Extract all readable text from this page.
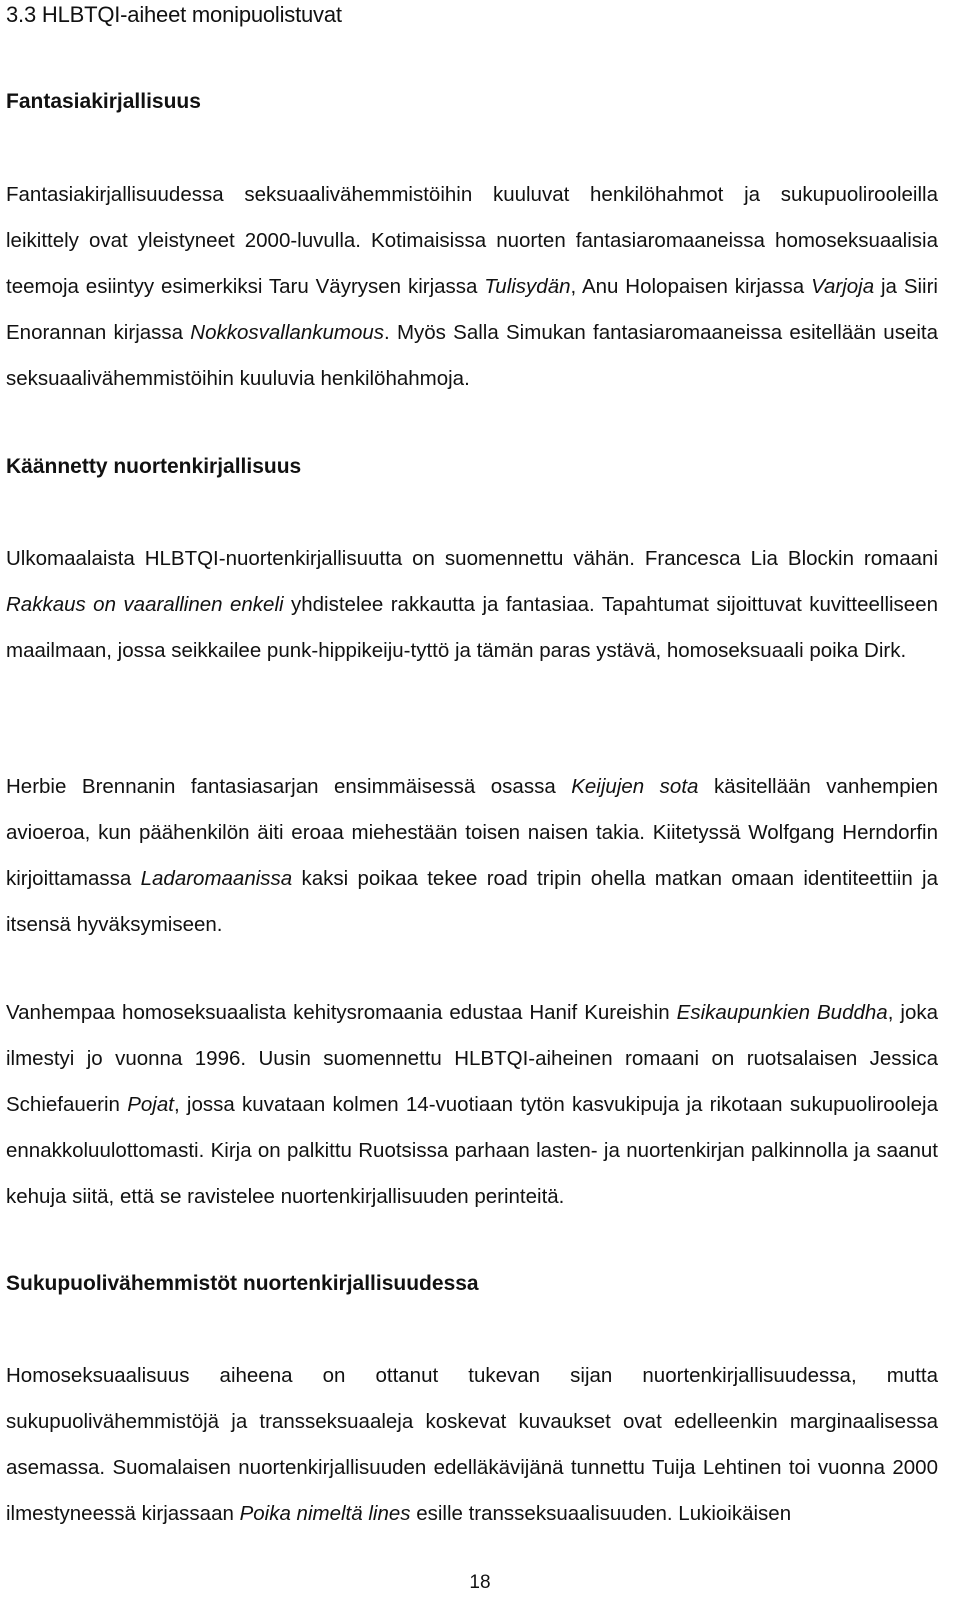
3.3 HLBTQI-aiheet monipuolistuvat
Fantasiakirjallisuus

Fantasiakirjallisuudessa seksuaalivähemmistöihin kuuluvat henkilöhahmot ja sukupuolirooleilla leikittely ovat yleistyneet 2000-luvulla. Kotimaisissa nuorten fantasiaromaaneissa homoseksuaalisia teemoja esiintyy esimerkiksi Taru Väyrysen kirjassa Tulisydän, Anu Holopaisen kirjassa Varjoja ja Siiri Enorannan kirjassa Nokkosvallankumous. Myös Salla Simukan fantasiaromaaneissa esitellään useita seksuaalivähemmistöihin kuuluvia henkilöhahmoja.

Käännetty nuortenkirjallisuus

Ulkomaalaista HLBTQI-nuortenkirjallisuutta on suomennettu vähän. Francesca Lia Blockin romaani Rakkaus on vaarallinen enkeli yhdistelee rakkautta ja fantasiaa. Tapahtumat sijoittuvat kuvitteelliseen maailmaan, jossa seikkailee punk-hippikeiju-tyttö ja tämän paras ystävä, homoseksuaali poika Dirk.

Herbie Brennanin fantasiasarjan ensimmäisessä osassa Keijujen sota käsitellään vanhempien avioeroa, kun päähenkilön äiti eroaa miehestään toisen naisen takia. Kiitetyssä Wolfgang Herndorfin kirjoittamassa Ladaromaanissa kaksi poikaa tekee road tripin ohella matkan omaan identiteettiin ja itsensä hyväksymiseen.

Vanhempaa homoseksuaalista kehitysromaania edustaa Hanif Kureishin Esikaupunkien Buddha, joka ilmestyi jo vuonna 1996. Uusin suomennettu HLBTQI-aiheinen romaani on ruotsalaisen Jessica Schiefauerin Pojat, jossa kuvataan kolmen 14-vuotiaan tytön kasvukipuja ja rikotaan sukupuolirooleja ennakkoluulottomasti. Kirja on palkittu Ruotsissa parhaan lasten- ja nuortenkirjan palkinnolla ja saanut kehuja siitä, että se ravistelee nuortenkirjallisuuden perinteitä.

Sukupuolivähemmistöt nuortenkirjallisuudessa

Homoseksuaalisuus aiheena on ottanut tukevan sijan nuortenkirjallisuudessa, mutta sukupuolivähemmistöjä ja transseksuaaleja koskevat kuvaukset ovat edelleenkin marginaalisessa asemassa. Suomalaisen nuortenkirjallisuuden edelläkävijänä tunnettu Tuija Lehtinen toi vuonna 2000 ilmestyneessä kirjassaan Poika nimeltä lines esille transseksuaalisuuden. Lukioikäisen

18
